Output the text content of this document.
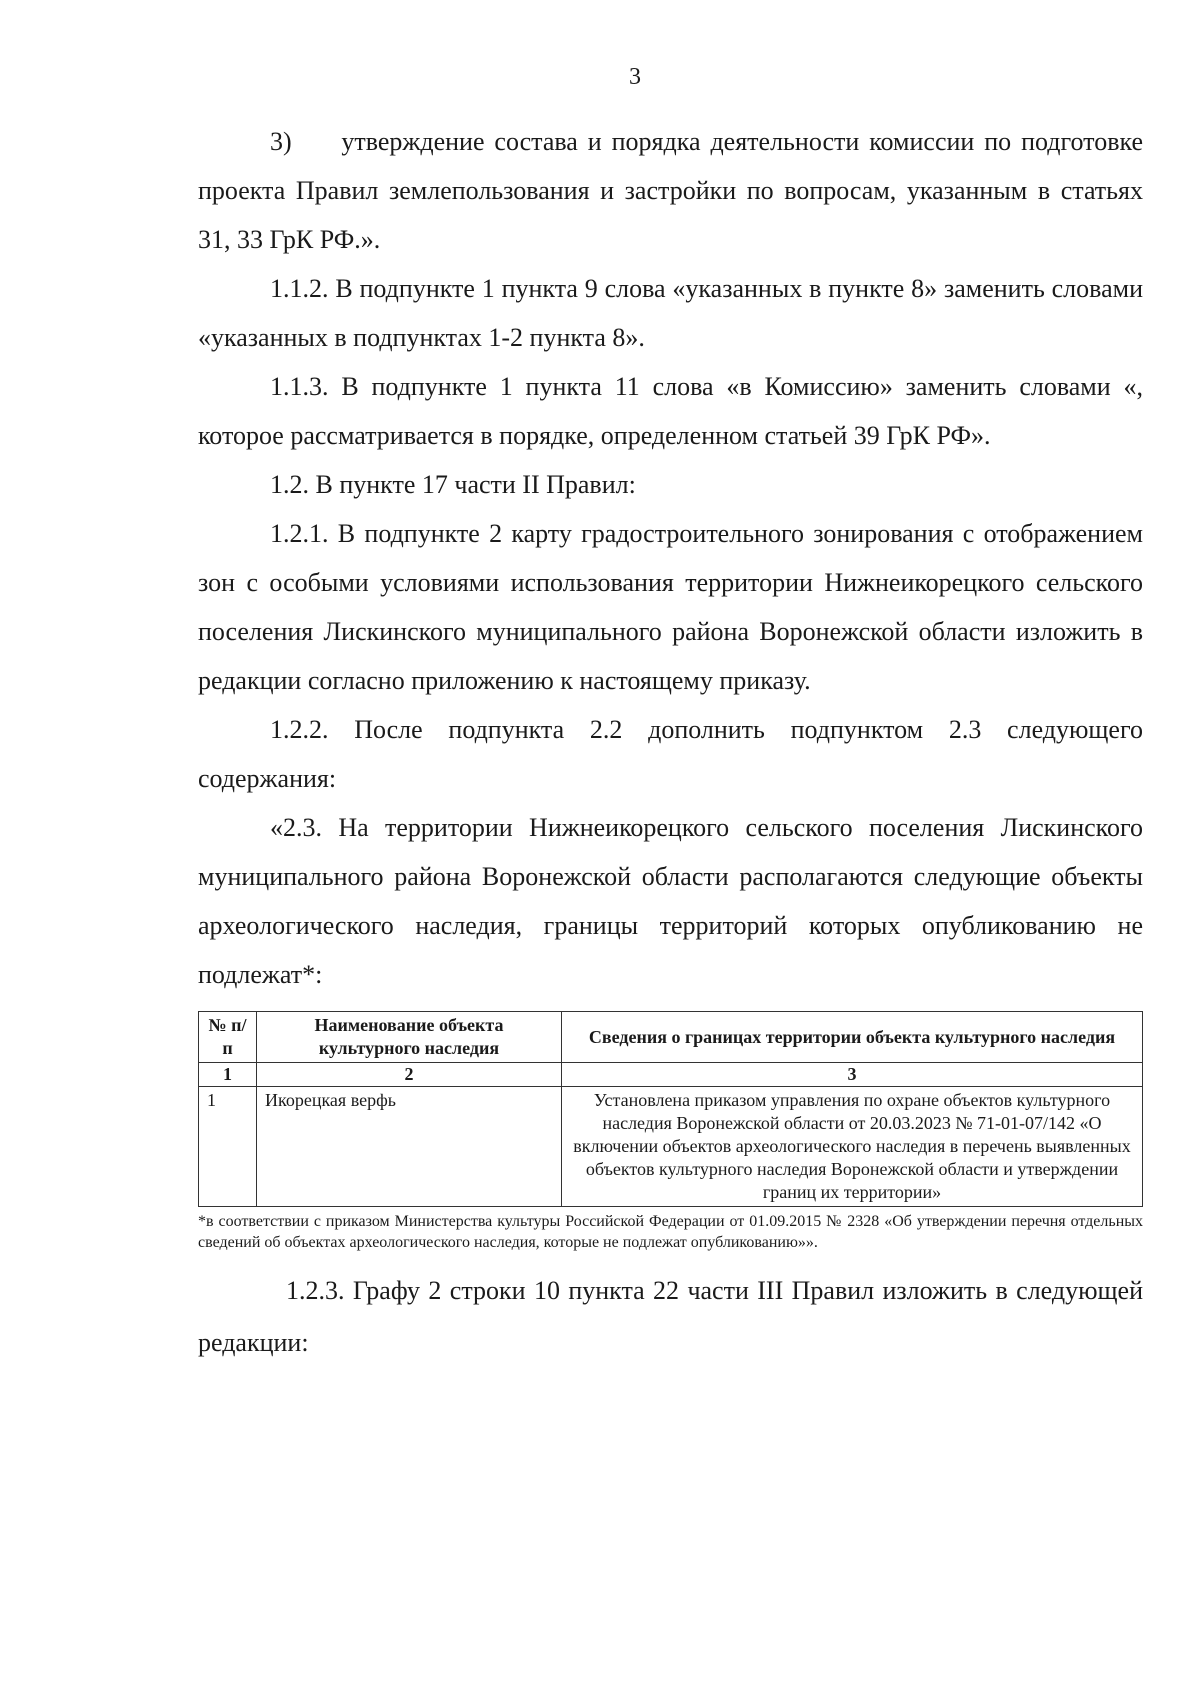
3

3)     утверждение состава и порядка деятельности комиссии по подготовке проекта Правил землепользования и застройки по вопросам, указанным в статьях 31, 33 ГрК РФ.».

1.1.2. В подпункте 1 пункта 9 слова «указанных в пункте 8» заменить словами «указанных в подпунктах 1-2 пункта 8».

1.1.3. В подпункте 1 пункта 11 слова «в Комиссию» заменить словами «, которое рассматривается в порядке, определенном статьей 39 ГрК РФ».

1.2. В пункте 17 части II Правил:

1.2.1. В подпункте 2 карту градостроительного зонирования с отображением зон с особыми условиями использования территории Нижнеикорецкого сельского поселения Лискинского муниципального района Воронежской области изложить в редакции согласно приложению к настоящему приказу.

1.2.2. После подпункта 2.2 дополнить подпунктом 2.3 следующего содержания:

«2.3. На территории Нижнеикорецкого сельского поселения Лискинского муниципального района Воронежской области располагаются следующие объекты археологического наследия, границы территорий которых опубликованию не подлежат*:

№ п/п	Наименование объекта культурного наследия	Сведения о границах территории объекта культурного наследия
1	2	3
1	Икорецкая верфь	Установлена приказом управления по охране объектов культурного наследия Воронежской области от 20.03.2023 № 71-01-07/142 «О включении объектов археологического наследия в перечень выявленных объектов культурного наследия Воронежской области и утверждении границ их территории»

*в соответствии с приказом Министерства культуры Российской Федерации от 01.09.2015 № 2328 «Об утверждении перечня отдельных сведений об объектах археологического наследия, которые не подлежат опубликованию»».

1.2.3. Графу 2 строки 10 пункта 22 части III Правил изложить в следующей редакции:
